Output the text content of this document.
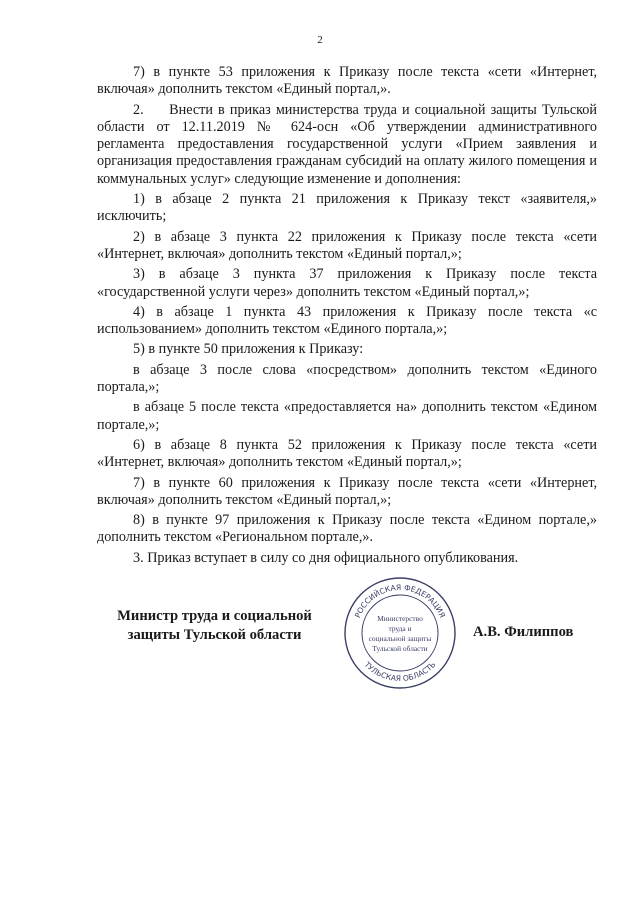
2

7) в пункте 53 приложения к Приказу после текста «сети «Интернет, включая» дополнить текстом «Единый портал,».

2.     Внести в приказ министерства труда и социальной защиты Тульской области от 12.11.2019 № 624-осн «Об утверждении административного регламента предоставления государственной услуги «Прием заявления и организация предоставления гражданам субсидий на оплату жилого помещения и коммунальных услуг» следующие изменение и дополнения:

1) в абзаце 2 пункта 21 приложения к Приказу текст «заявителя,» исключить;

2) в абзаце 3 пункта 22 приложения к Приказу после текста «сети «Интернет, включая» дополнить текстом «Единый портал,»;

3) в абзаце 3 пункта 37 приложения к Приказу после текста «государственной услуги через» дополнить текстом «Единый портал,»;

4) в абзаце 1 пункта 43 приложения к Приказу после текста «с использованием» дополнить текстом «Единого портала,»;

5) в пункте 50 приложения к Приказу:

в абзаце 3 после слова «посредством» дополнить текстом «Единого портала,»;

в абзаце 5 после текста «предоставляется на» дополнить текстом «Едином портале,»;

6) в абзаце 8 пункта 52 приложения к Приказу после текста «сети «Интернет, включая» дополнить текстом «Единый портал,»;

7) в пункте 60 приложения к Приказу после текста «сети «Интернет, включая» дополнить текстом «Единый портал,»;

8) в пункте 97 приложения к Приказу после текста «Едином портале,» дополнить текстом «Региональном портале,».

3. Приказ вступает в силу со дня официального опубликования.

Министр труда и социальной
защиты Тульской области
РОССИЙСКАЯ ФЕДЕРАЦИЯ
ТУЛЬСКАЯ ОБЛАСТЬ
Министерство
труда и
социальной защиты
Тульской области
А.В. Филиппов
